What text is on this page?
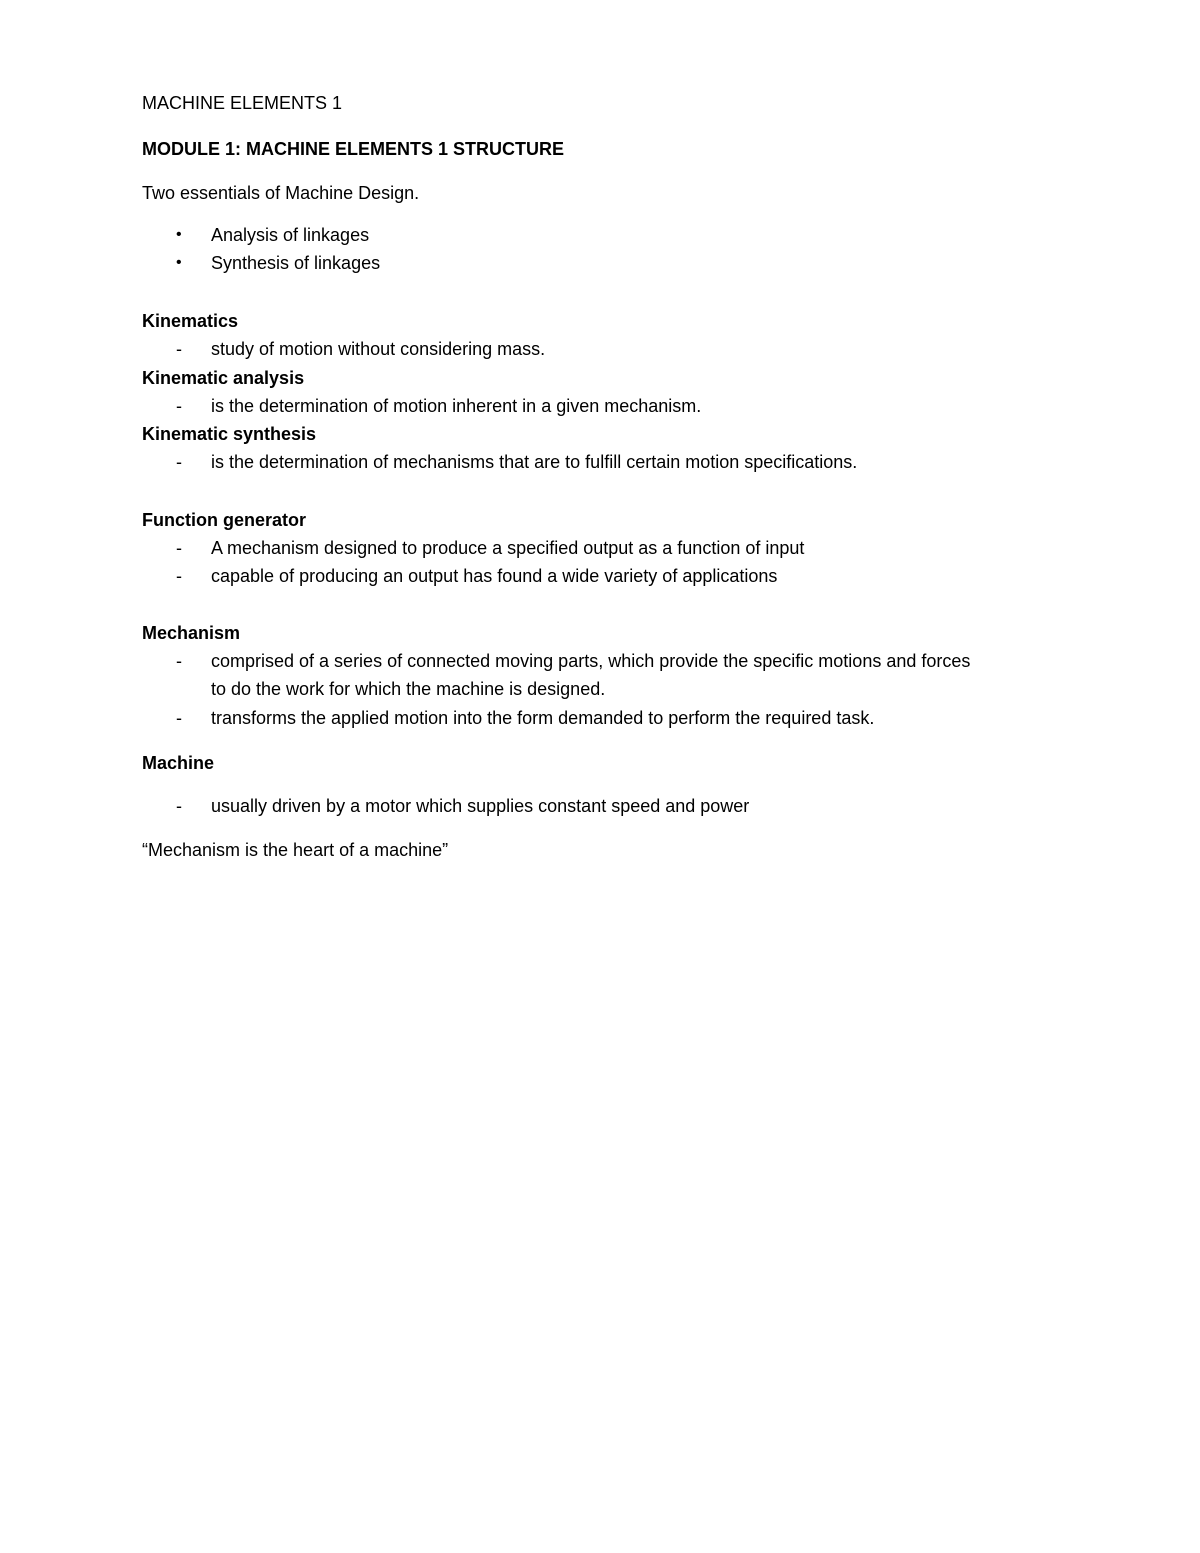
MACHINE ELEMENTS 1
MODULE 1: MACHINE ELEMENTS 1 STRUCTURE
Two essentials of Machine Design.
• Analysis of linkages
• Synthesis of linkages
Kinematics
- study of motion without considering mass.
Kinematic analysis
- is the determination of motion inherent in a given mechanism.
Kinematic synthesis
- is the determination of mechanisms that are to fulfill certain motion specifications.
Function generator
- A mechanism designed to produce a specified output as a function of input
- capable of producing an output has found a wide variety of applications
Mechanism
- comprised of a series of connected moving parts, which provide the specific motions and forces
to do the work for which the machine is designed.
- transforms the applied motion into the form demanded to perform the required task.
Machine
- usually driven by a motor which supplies constant speed and power
“Mechanism is the heart of a machine”
